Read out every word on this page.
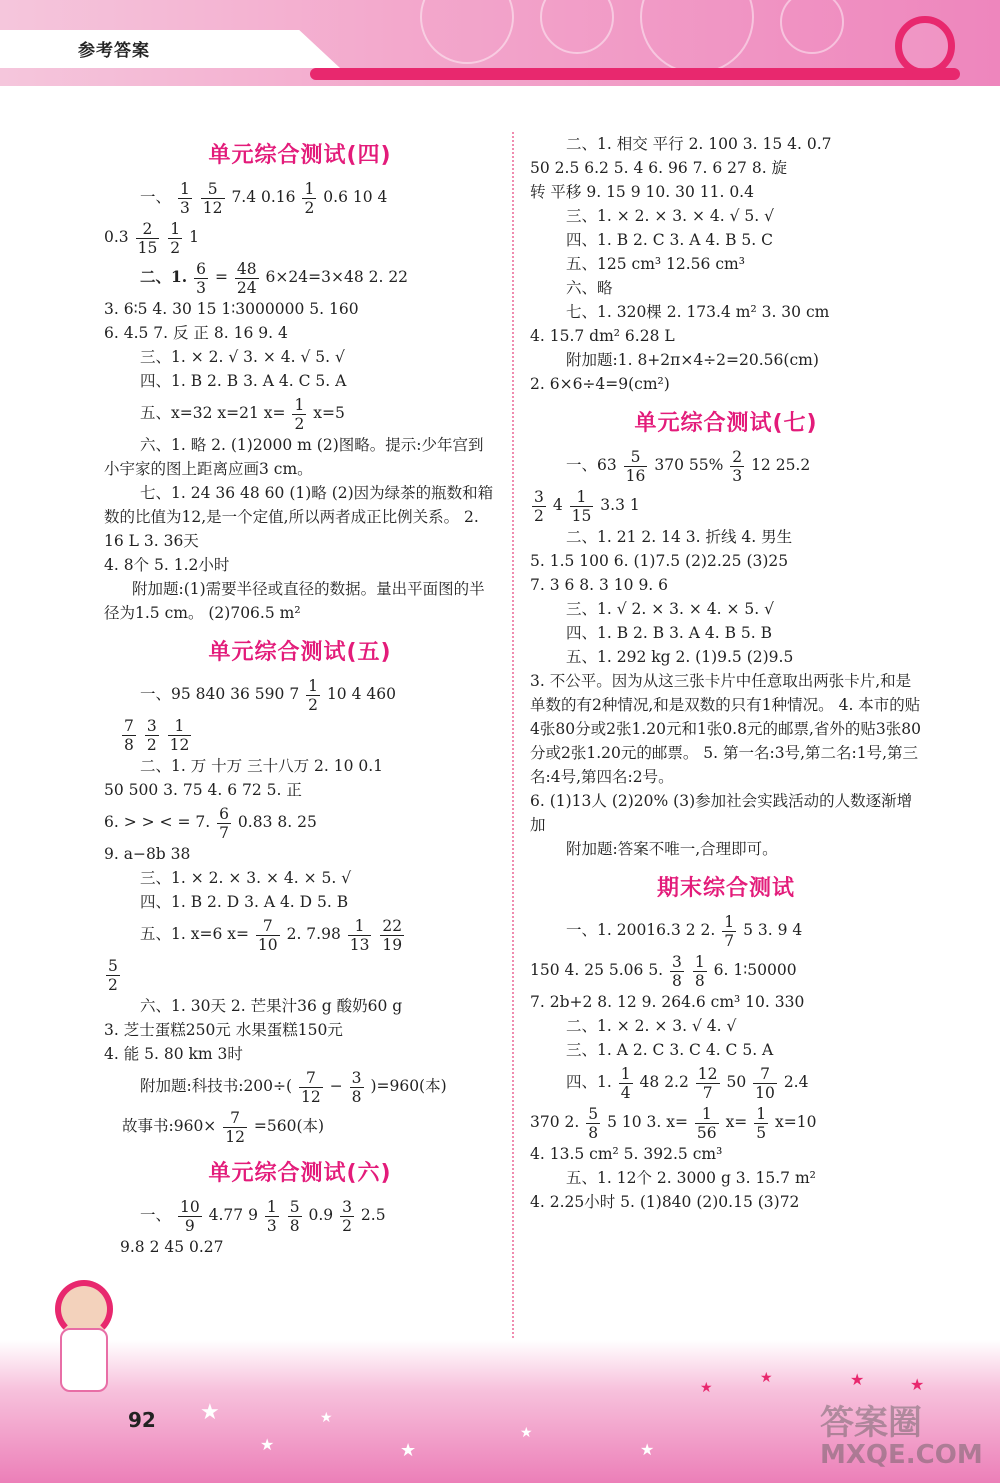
参考答案
单元综合测试(四)
一、 $\frac{1}{3}$
$\frac{5}{12} 7.4$ $0.16 \frac{1}{2} 0.6$ 10 4
$0.3 \frac{2}{15}$
$\frac{1}{2} 1$
二、1. $\frac{6}{3} = \frac{48}{24} 6\times 24=3\times 48$ 2. 22
3. 6∶5 4. 30 15 1∶3000000 5. 160
6. 4.5 7. 反 正 8. 16 9. 4
三、1. × 2. √ 3. × 4. √ 5. √
四、1. B 2. B 3. A 4. C 5. A
五、x=32 x=21 $x= \frac{1}{2} x=5$
六、1. 略 2. (1)2000 m (2)图略。提示:少年宫到小宇家的图上距离应画3 cm。
七、1. 24 36 48 60 (1)略 (2)因为绿茶的瓶数和箱数的比值为12,是一个定值,所以两者成正比例关系。 2. 16 L 3. 36天
4. 8个 5. 1.2小时
附加题:(1)需要半径或直径的数据。量出平面图的半径为1.5 cm。 (2)706.5 m²
单元综合测试(五)
一、95 840 36 590 $7 \frac{1}{2} 10$ 4 460
$\frac{7}{8}$
$\frac{3}{2}$
$\frac{1}{12}$
二、1. 万 十万 三十八万 2. 10 0.1
50 500 3. 75 4. 6 72 5. 正
6. > > < = 7. $\frac{6}{7} 0.83$ 8. 25
9. a−8b 38
三、1. × 2. × 3. × 4. × 5. √
四、1. B 2. D 3. A 4. D 5. B
五、1. x=6 $x= \frac{7}{10} 2$. $7.98 \frac{1}{13}$
$\frac{22}{19}$
$\frac{5}{2}$
六、1. 30天 2. 芒果汁36 g 酸奶60 g
3. 芝士蛋糕250元 水果蛋糕150元
4. 能 5. 80 km 3时
附加题:科技书:200÷( $\frac{7}{12} - \frac{3}{8} )=960$(本)
故事书:960× $\frac{7}{12} =560$(本)
单元综合测试(六)
一、 $\frac{10}{9} 4.77$ $9 \frac{1}{3}$
$\frac{5}{8} 0.9 \frac{3}{2} 2.5$
9.8 2 45 0.27
二、1. 相交 平行 2. 100 3. 15 4. 0.7
50 2.5 6.2 5. 4 6. 96 7. 6 27 8. 旋
转 平移 9. 15 9 10. 30 11. 0.4
三、1. × 2. × 3. × 4. √ 5. √
四、1. B 2. C 3. A 4. B 5. C
五、125 cm³ 12.56 cm³
六、略
七、1. 320棵 2. 173.4 m² 3. 30 cm
4. 15.7 dm² 6.28 L
附加题:1. 8+2π×4÷2=20.56(cm)
2. 6×6÷4=9(cm²)
单元综合测试(七)
一、$63 \frac{5}{16} 370$ $55\% \frac{2}{3} 12$ 25.2
$\frac{3}{2} 4 \frac{1}{15} 3.3$ 1
二、1. 21 2. 14 3. 折线 4. 男生
5. 1.5 100 6. (1)7.5 (2)2.25 (3)25
7. 3 6 8. 3 10 9. 6
三、1. √ 2. × 3. × 4. × 5. √
四、1. B 2. B 3. A 4. B 5. B
五、1. 292 kg 2. (1)9.5 (2)9.5
3. 不公平。因为从这三张卡片中任意取出两张卡片,和是单数的有2种情况,和是双数的只有1种情况。 4. 本市的贴4张80分或2张1.20元和1张0.8元的邮票,省外的贴3张80分或2张1.20元的邮票。 5. 第一名:3号,第二名:1号,第三名:4号,第四名:2号。
6. (1)13人 (2)20% (3)参加社会实践活动的人数逐渐增加
附加题:答案不唯一,合理即可。
期末综合测试
一、1. 20016.3 2 2. $\frac{1}{7} 5$ 3. 9 4
150 4. 25 5.06 5. $\frac{3}{8}$
$\frac{1}{8} 6$. 1∶50000
7. 2b+2 8. 12 9. 264.6 cm³ 10. 330
二、1. × 2. × 3. √ 4. √
三、1. A 2. C 3. C 4. C 5. A
四、1. $\frac{1}{4} 48$ $2.2 \frac{12}{7} 50 \frac{7}{10} 2.4$
370 2. $\frac{5}{8} 5$ 10 3. $x= \frac{1}{56} x= \frac{1}{5} x=10$
4. 13.5 cm² 5. 392.5 cm³
五、1. 12个 2. 3000 g 3. 15.7 m²
4. 2.25小时 5. (1)840 (2)0.15 (3)72
★
★
★
★
★
★
★
★	★	★
92	答案圈
MXQE.COM
